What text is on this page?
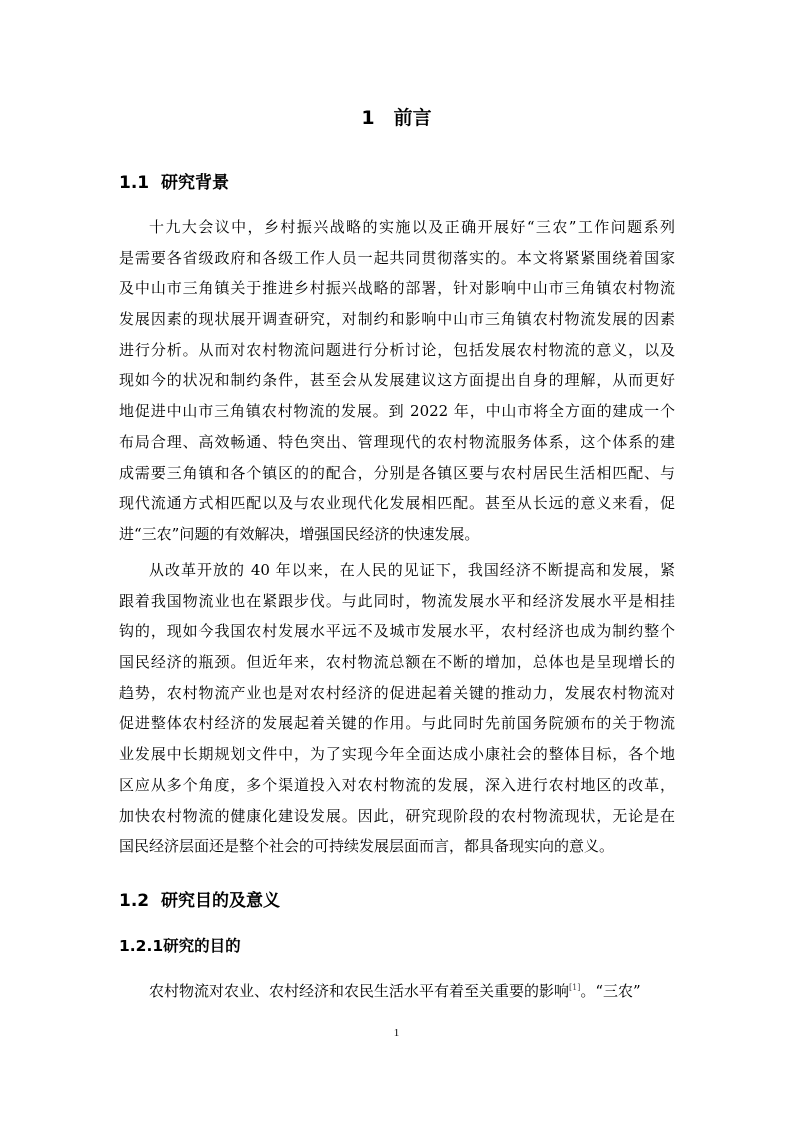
1　前言
1.1  研究背景
十九大会议中，乡村振兴战略的实施以及正确开展好“三农”工作问题系列
是需要各省级政府和各级工作人员一起共同贯彻落实的。本文将紧紧围绕着国家
及中山市三角镇关于推进乡村振兴战略的部署，针对影响中山市三角镇农村物流
发展因素的现状展开调查研究，对制约和影响中山市三角镇农村物流发展的因素
进行分析。从而对农村物流问题进行分析讨论，包括发展农村物流的意义，以及
现如今的状况和制约条件，甚至会从发展建议这方面提出自身的理解，从而更好
地促进中山市三角镇农村物流的发展。到 2022 年，中山市将全方面的建成一个
布局合理、高效畅通、特色突出、管理现代的农村物流服务体系，这个体系的建
成需要三角镇和各个镇区的的配合，分别是各镇区要与农村居民生活相匹配、与
现代流通方式相匹配以及与农业现代化发展相匹配。甚至从长远的意义来看，促
进“三农”问题的有效解决，增强国民经济的快速发展。
从改革开放的 40 年以来，在人民的见证下，我国经济不断提高和发展，紧
跟着我国物流业也在紧跟步伐。与此同时，物流发展水平和经济发展水平是相挂
钩的，现如今我国农村发展水平远不及城市发展水平，农村经济也成为制约整个
国民经济的瓶颈。但近年来，农村物流总额在不断的增加，总体也是呈现增长的
趋势，农村物流产业也是对农村经济的促进起着关键的推动力，发展农村物流对
促进整体农村经济的发展起着关键的作用。与此同时先前国务院颁布的关于物流
业发展中长期规划文件中，为了实现今年全面达成小康社会的整体目标，各个地
区应从多个角度，多个渠道投入对农村物流的发展，深入进行农村地区的改革，
加快农村物流的健康化建设发展。因此，研究现阶段的农村物流现状，无论是在
国民经济层面还是整个社会的可持续发展层面而言，都具备现实向的意义。
1.2  研究目的及意义
1.2.1研究的目的
农村物流对农业、农村经济和农民生活水平有着至关重要的影响[1]。“三农”
1
